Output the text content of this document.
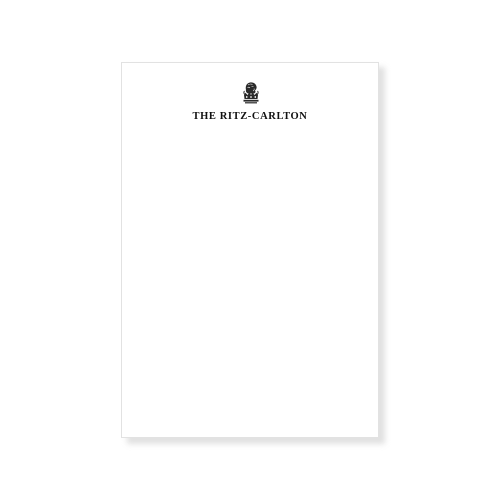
THE RITZ-CARLTON
